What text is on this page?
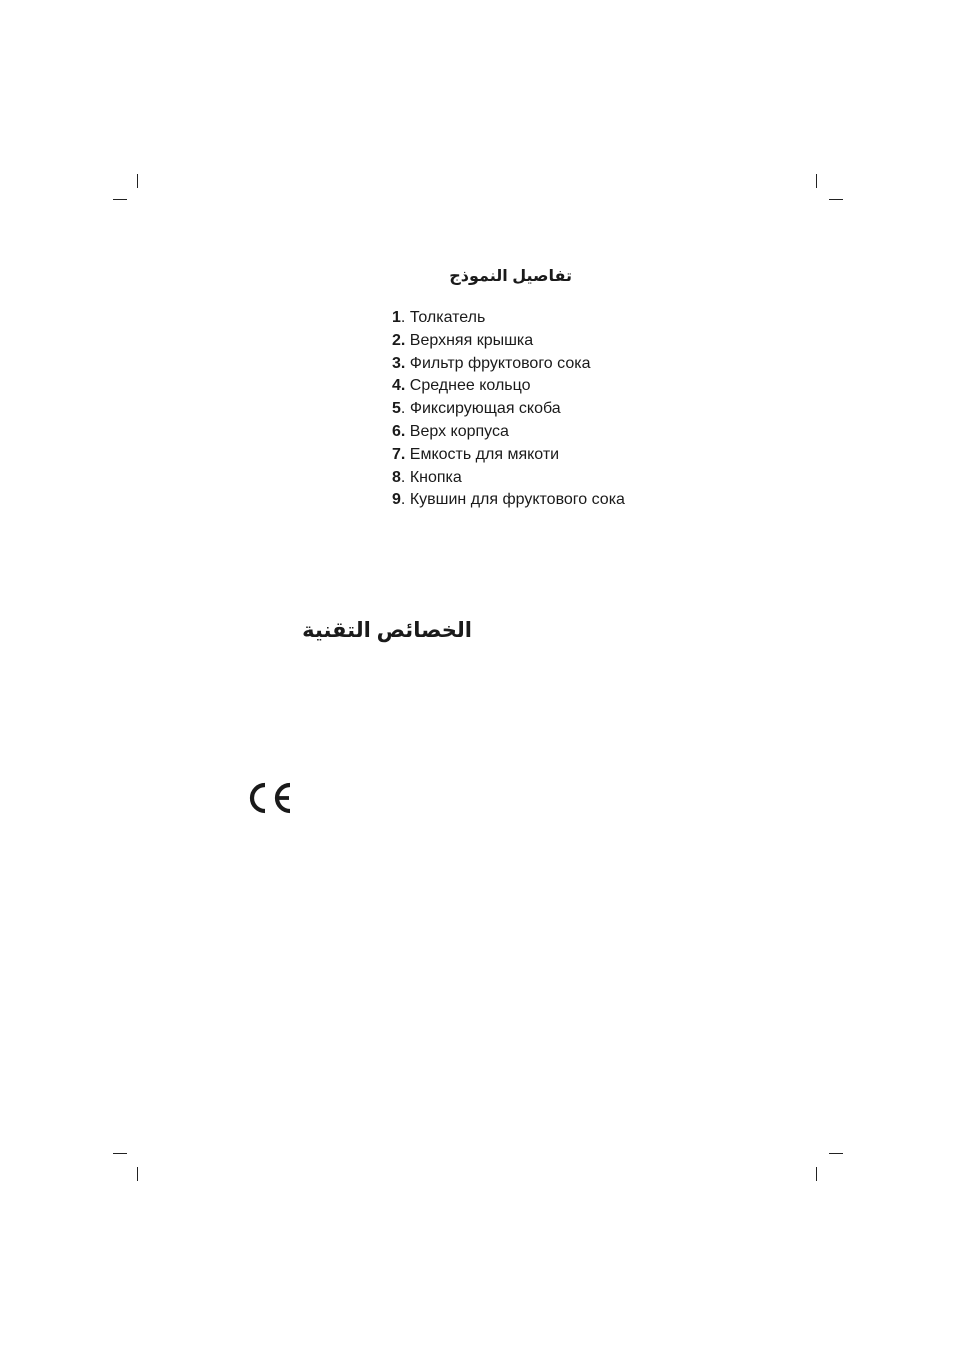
تفاصيل النموذج
1. Толкатель
2. Верхняя крышка
3. Фильтр фруктового сока
4. Среднее кольцо
5. Фиксирующая скоба
6. Верх корпуса
7. Емкость для мякоти
8. Кнопка
9. Кувшин для фруктового сока
الخصائص التقنية
